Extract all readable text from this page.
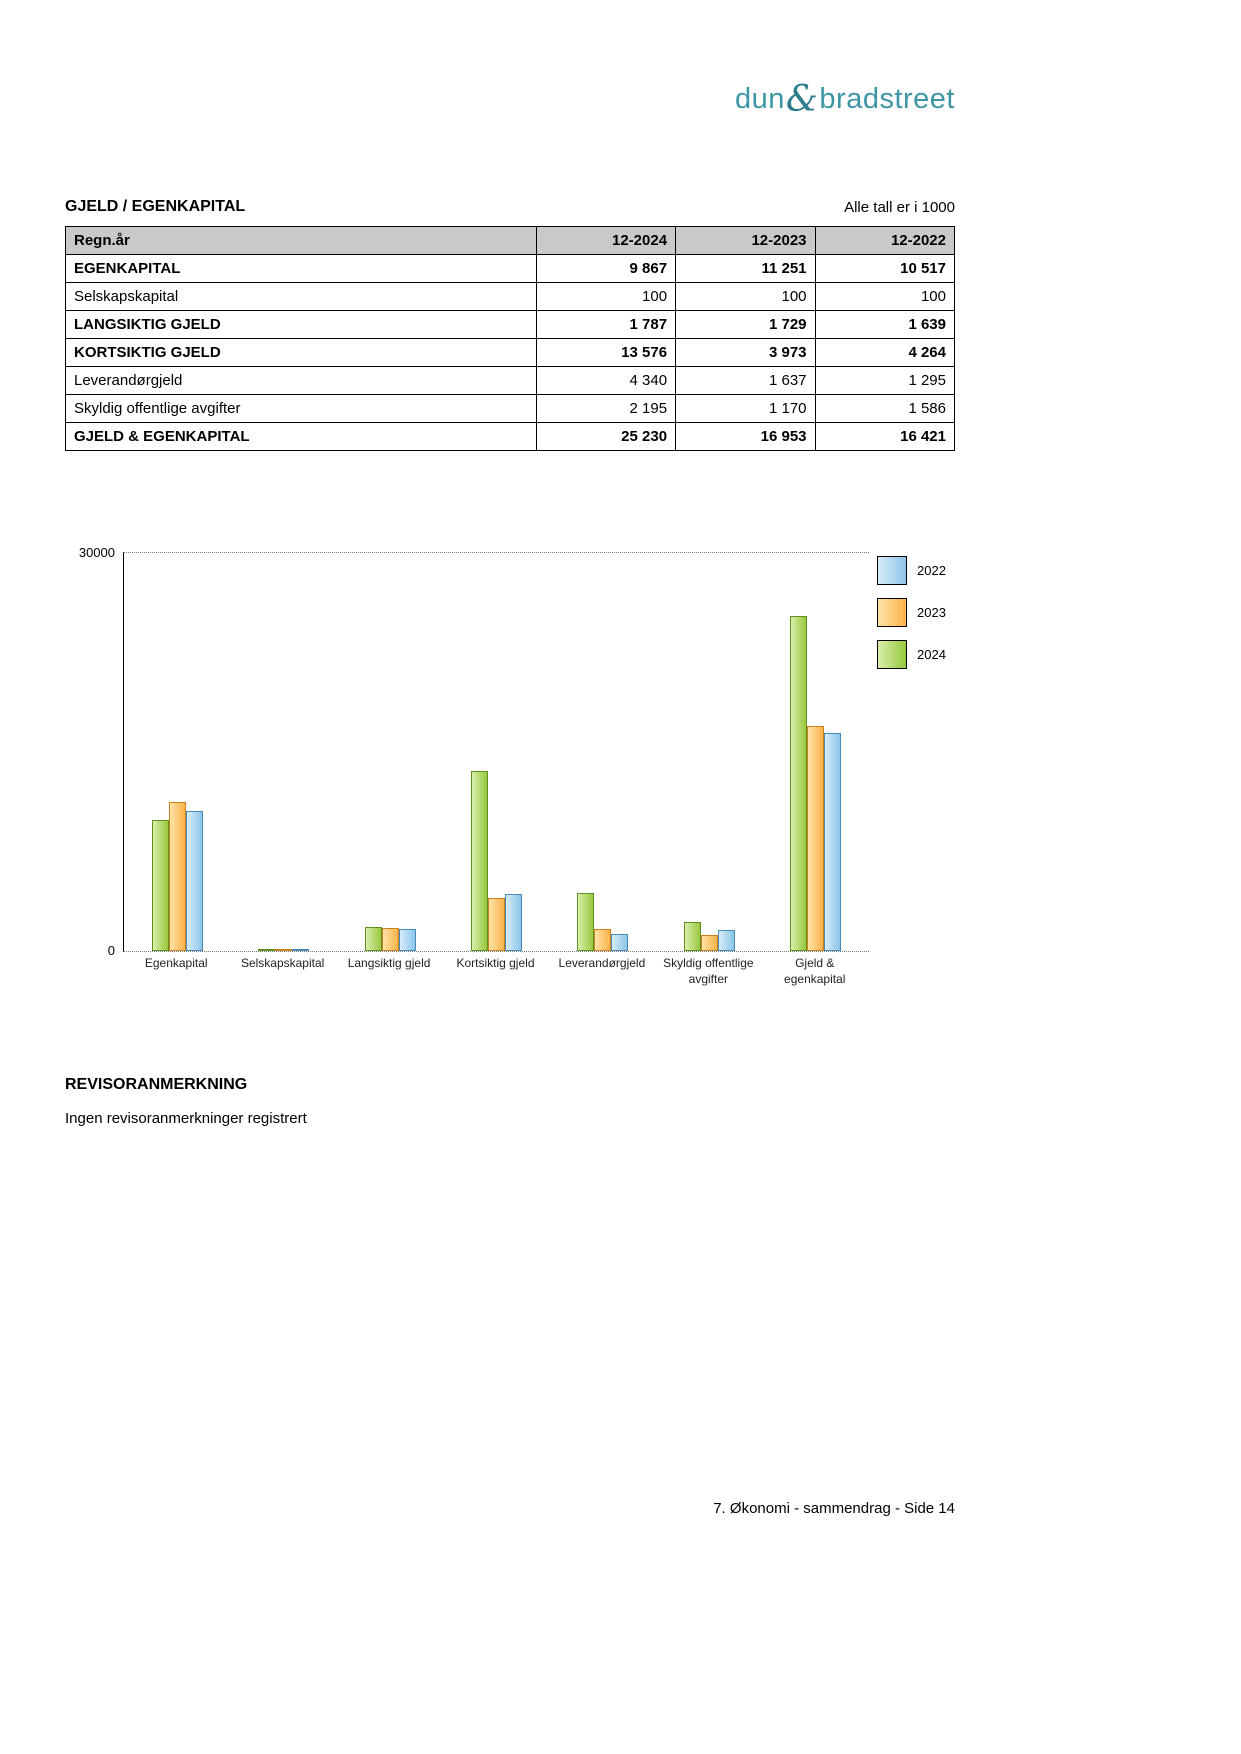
dun&bradstreet
GJELD / EGENKAPITAL	Alle tall er i 1000
Regn.år	12-2024	12-2023	12-2022
EGENKAPITAL	9 867	11 251	10 517
Selskapskapital	100	100	100
LANGSIKTIG GJELD	1 787	1 729	1 639
KORTSIKTIG GJELD	13 576	3 973	4 264
Leverandørgjeld	4 340	1 637	1 295
Skyldig offentlige avgifter	2 195	1 170	1 586
GJELD & EGENKAPITAL	25 230	16 953	16 421
30000
0
Egenkapital	Selskapskapital	Langsiktig gjeld	Kortsiktig gjeld	Leverandørgjeld	Skyldig offentlige avgifter
Gjeld & egenkapital
2022
2023
2024
REVISORANMERKNING
Ingen revisoranmerkninger registrert
7. Økonomi - sammendrag - Side 14
